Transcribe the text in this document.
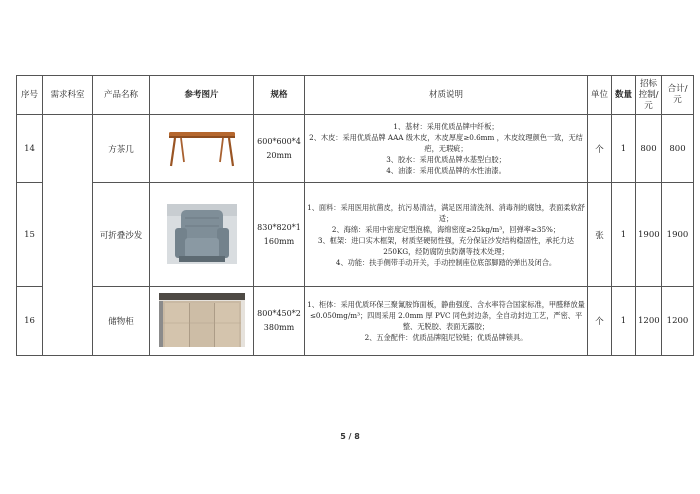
序号	需求科室	产品名称	参考图片	规格	材质说明	单位	数量	招标控制/元	合计/元
14		方茶几		600*600*420mm	1、基材：采用优质品牌中纤板；
2、木皮：采用优质品牌 AAA 级木皮，木皮厚度≥0.6mm ，木皮纹理颜色一致，无结疤，无瑕疵；
3、胶水：采用优质品牌水基型白胶；
4、油漆：采用优质品牌的水性油漆。	个	1	800	800
15		可折叠沙发		830*820*1160mm	1、面料：采用医用抗菌皮，抗污易清洁，满足医用清洗剂、消毒剂的腐蚀，表面柔软舒适；
2、海绵：采用中密度定型泡棉，海绵密度≥25kg/m³，回弹率≥35%；
3、框架：进口实木框架，材质坚硬韧性强，充分保证沙发结构稳固性，承托力达 250KG，经防腐防虫防潮等技术处理；
4、功能：扶手侧带手动开关，手动控制座位底部脚踏的弹出及闭合。	张	1	1900	1900
16		储物柜		800*450*2380mm	1、柜体：采用优质环保三聚氰胺饰面板，静曲强度、含水率符合国家标准，甲醛释放量≤0.050mg/m³；四周采用 2.0mm 厚 PVC 同色封边条，全自动封边工艺，严密、平整、无脱胶、表面无露胶；
2、五金配件：优质品牌阻尼铰链；优质品牌锁具。	个	1	1200	1200
5 / 8
